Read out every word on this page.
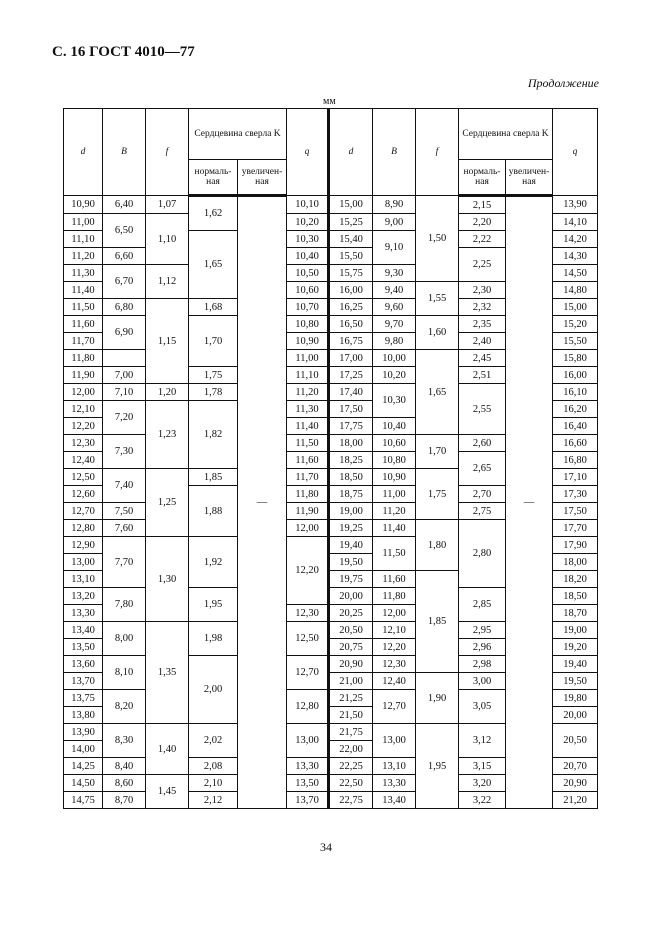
С. 16 ГОСТ 4010—77
Продолжение
мм
d	B	f	Сердцевина сверла K		q	d	B	f	Сердцевина сверла K		q
			нормаль-ная	увеличен-ная					нормаль-ная	увеличен-ная	
10,90	6,40	1,07	1,62	—	10,10	15,00	8,90	1,50	2,15	—	13,90
11,00	6,50	1,10			10,20	15,25	9,00		2,20		14,10
11,10			1,65		10,30	15,40	9,10		2,22		14,20
11,20	6,60				10,40	15,50			2,25		14,30
11,30	6,70	1,12			10,50	15,75	9,30				14,50
11,40					10,60	16,00	9,40	1,55	2,30		14,80
11,50	6,80	1,15	1,68		10,70	16,25	9,60		2,32		15,00
11,60	6,90		1,70		10,80	16,50	9,70	1,60	2,35		15,20
11,70					10,90	16,75	9,80		2,40		15,50
11,80					11,00	17,00	10,00	1,65	2,45		15,80
11,90	7,00		1,75		11,10	17,25	10,20		2,51		16,00
12,00	7,10	1,20	1,78		11,20	17,40	10,30		2,55		16,10
12,10	7,20	1,23	1,82		11,30	17,50					16,20
12,20					11,40	17,75	10,40				16,40
12,30	7,30				11,50	18,00	10,60	1,70	2,60		16,60
12,40					11,60	18,25	10,80		2,65		16,80
12,50	7,40	1,25	1,85		11,70	18,50	10,90	1,75			17,10
12,60			1,88		11,80	18,75	11,00		2,70		17,30
12,70	7,50				11,90	19,00	11,20		2,75		17,50
12,80	7,60				12,00	19,25	11,40	1,80	2,80		17,70
12,90	7,70	1,30	1,92		12,20	19,40	11,50				17,90
13,00						19,50					18,00
13,10						19,75	11,60	1,85			18,20
13,20	7,80		1,95			20,00	11,80		2,85		18,50
13,30					12,30	20,25	12,00				18,70
13,40	8,00	1,35	1,98		12,50	20,50	12,10		2,95		19,00
13,50						20,75	12,20		2,96		19,20
13,60	8,10		2,00		12,70	20,90	12,30		2,98		19,40
13,70						21,00	12,40	1,90	3,00		19,50
13,75	8,20				12,80	21,25	12,70		3,05		19,80
13,80						21,50					20,00
13,90	8,30	1,40	2,02		13,00	21,75	13,00	1,95	3,12		20,50
14,00						22,00					
14,25	8,40		2,08		13,30	22,25	13,10		3,15		20,70
14,50	8,60	1,45	2,10		13,50	22,50	13,30		3,20		20,90
14,75	8,70		2,12		13,70	22,75	13,40		3,22		21,20
34
